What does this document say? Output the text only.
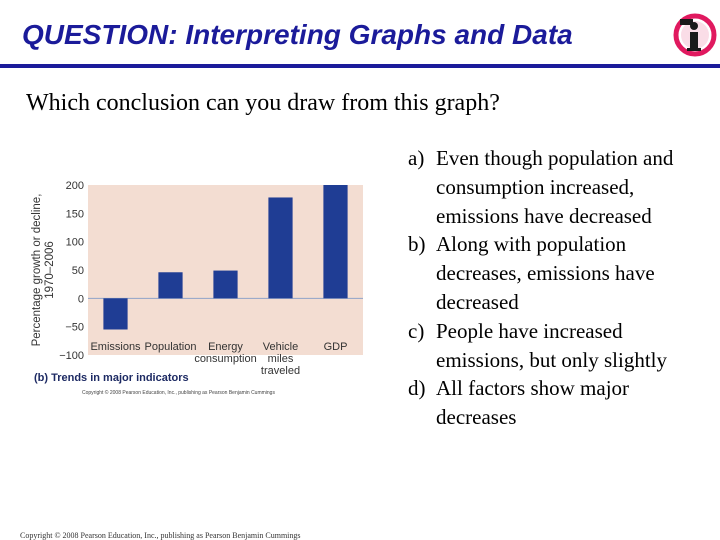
QUESTION: Interpreting Graphs and Data
Which conclusion can you draw from this graph?
Percentage growth or decline, 1970–2006
200
150
100
50
0
−50
−100
Emissions Population Energy
consumption
Vehicle
miles
traveled
GDP
(b) Trends in major indicators
Copyright © 2008 Pearson Education, Inc., publishing as Pearson Benjamin Cummings
a) Even though population and consumption increased, emissions have decreased
b) Along with population decreases, emissions have decreased
c) People have increased emissions, but only slightly
d) All factors show major decreases
Copyright © 2008 Pearson Education, Inc., publishing as Pearson Benjamin Cummings
